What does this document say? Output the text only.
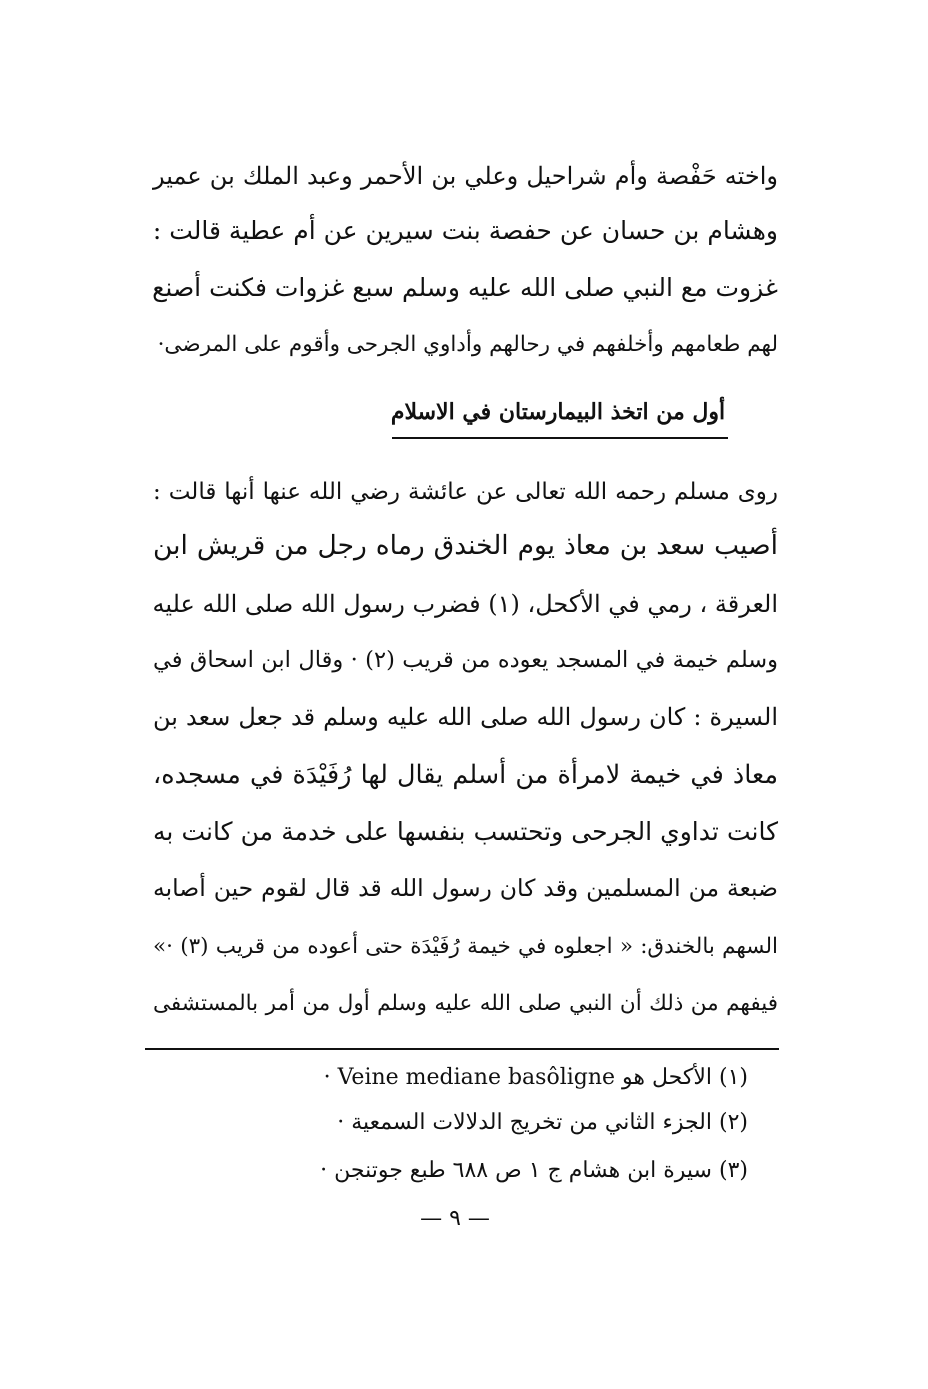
واخته حَفْصة وأم شراحيل وعلي بن الأحمر وعبد الملك بن عمير
وهشام بن حسان عن حفصة بنت سيرين عن أم عطية قالت :
غزوت مع النبي صلى الله عليه وسلم سبع غزوات فكنت أصنع
لهم طعامهم وأخلفهم في رحالهم وأداوي الجرحى وأقوم على المرضى·
أول من اتخذ البيمارستان في الاسلام
روى مسلم رحمه الله تعالى عن عائشة رضي الله عنها أنها قالت :
أصيب سعد بن معاذ يوم الخندق رماه رجل من قريش ابن
العرقة ، رمي في الأكحل، (١) فضرب رسول الله صلى الله عليه
وسلم خيمة في المسجد يعوده من قريب (٢) · وقال ابن اسحاق في
السيرة : كان رسول الله صلى الله عليه وسلم قد جعل سعد بن
معاذ في خيمة لامرأة من أسلم يقال لها رُفَيْدَة في مسجده،
كانت تداوي الجرحى وتحتسب بنفسها على خدمة من كانت به
ضبعة من المسلمين وقد كان رسول الله قد قال لقوم حين أصابه
السهم بالخندق: « اجعلوه في خيمة رُفَيْدَة حتى أعوده من قريب (٣) ·»
فيفهم من ذلك أن النبي صلى الله عليه وسلم أول من أمر بالمستشفى
(١) الأكحل هو Veine mediane basôligne ·
(٢) الجزء الثاني من تخريج الدلالات السمعية ·
(٣) سيرة ابن هشام ج ١ ص ٦٨٨ طبع جوتنجن ·
— ٩ —
